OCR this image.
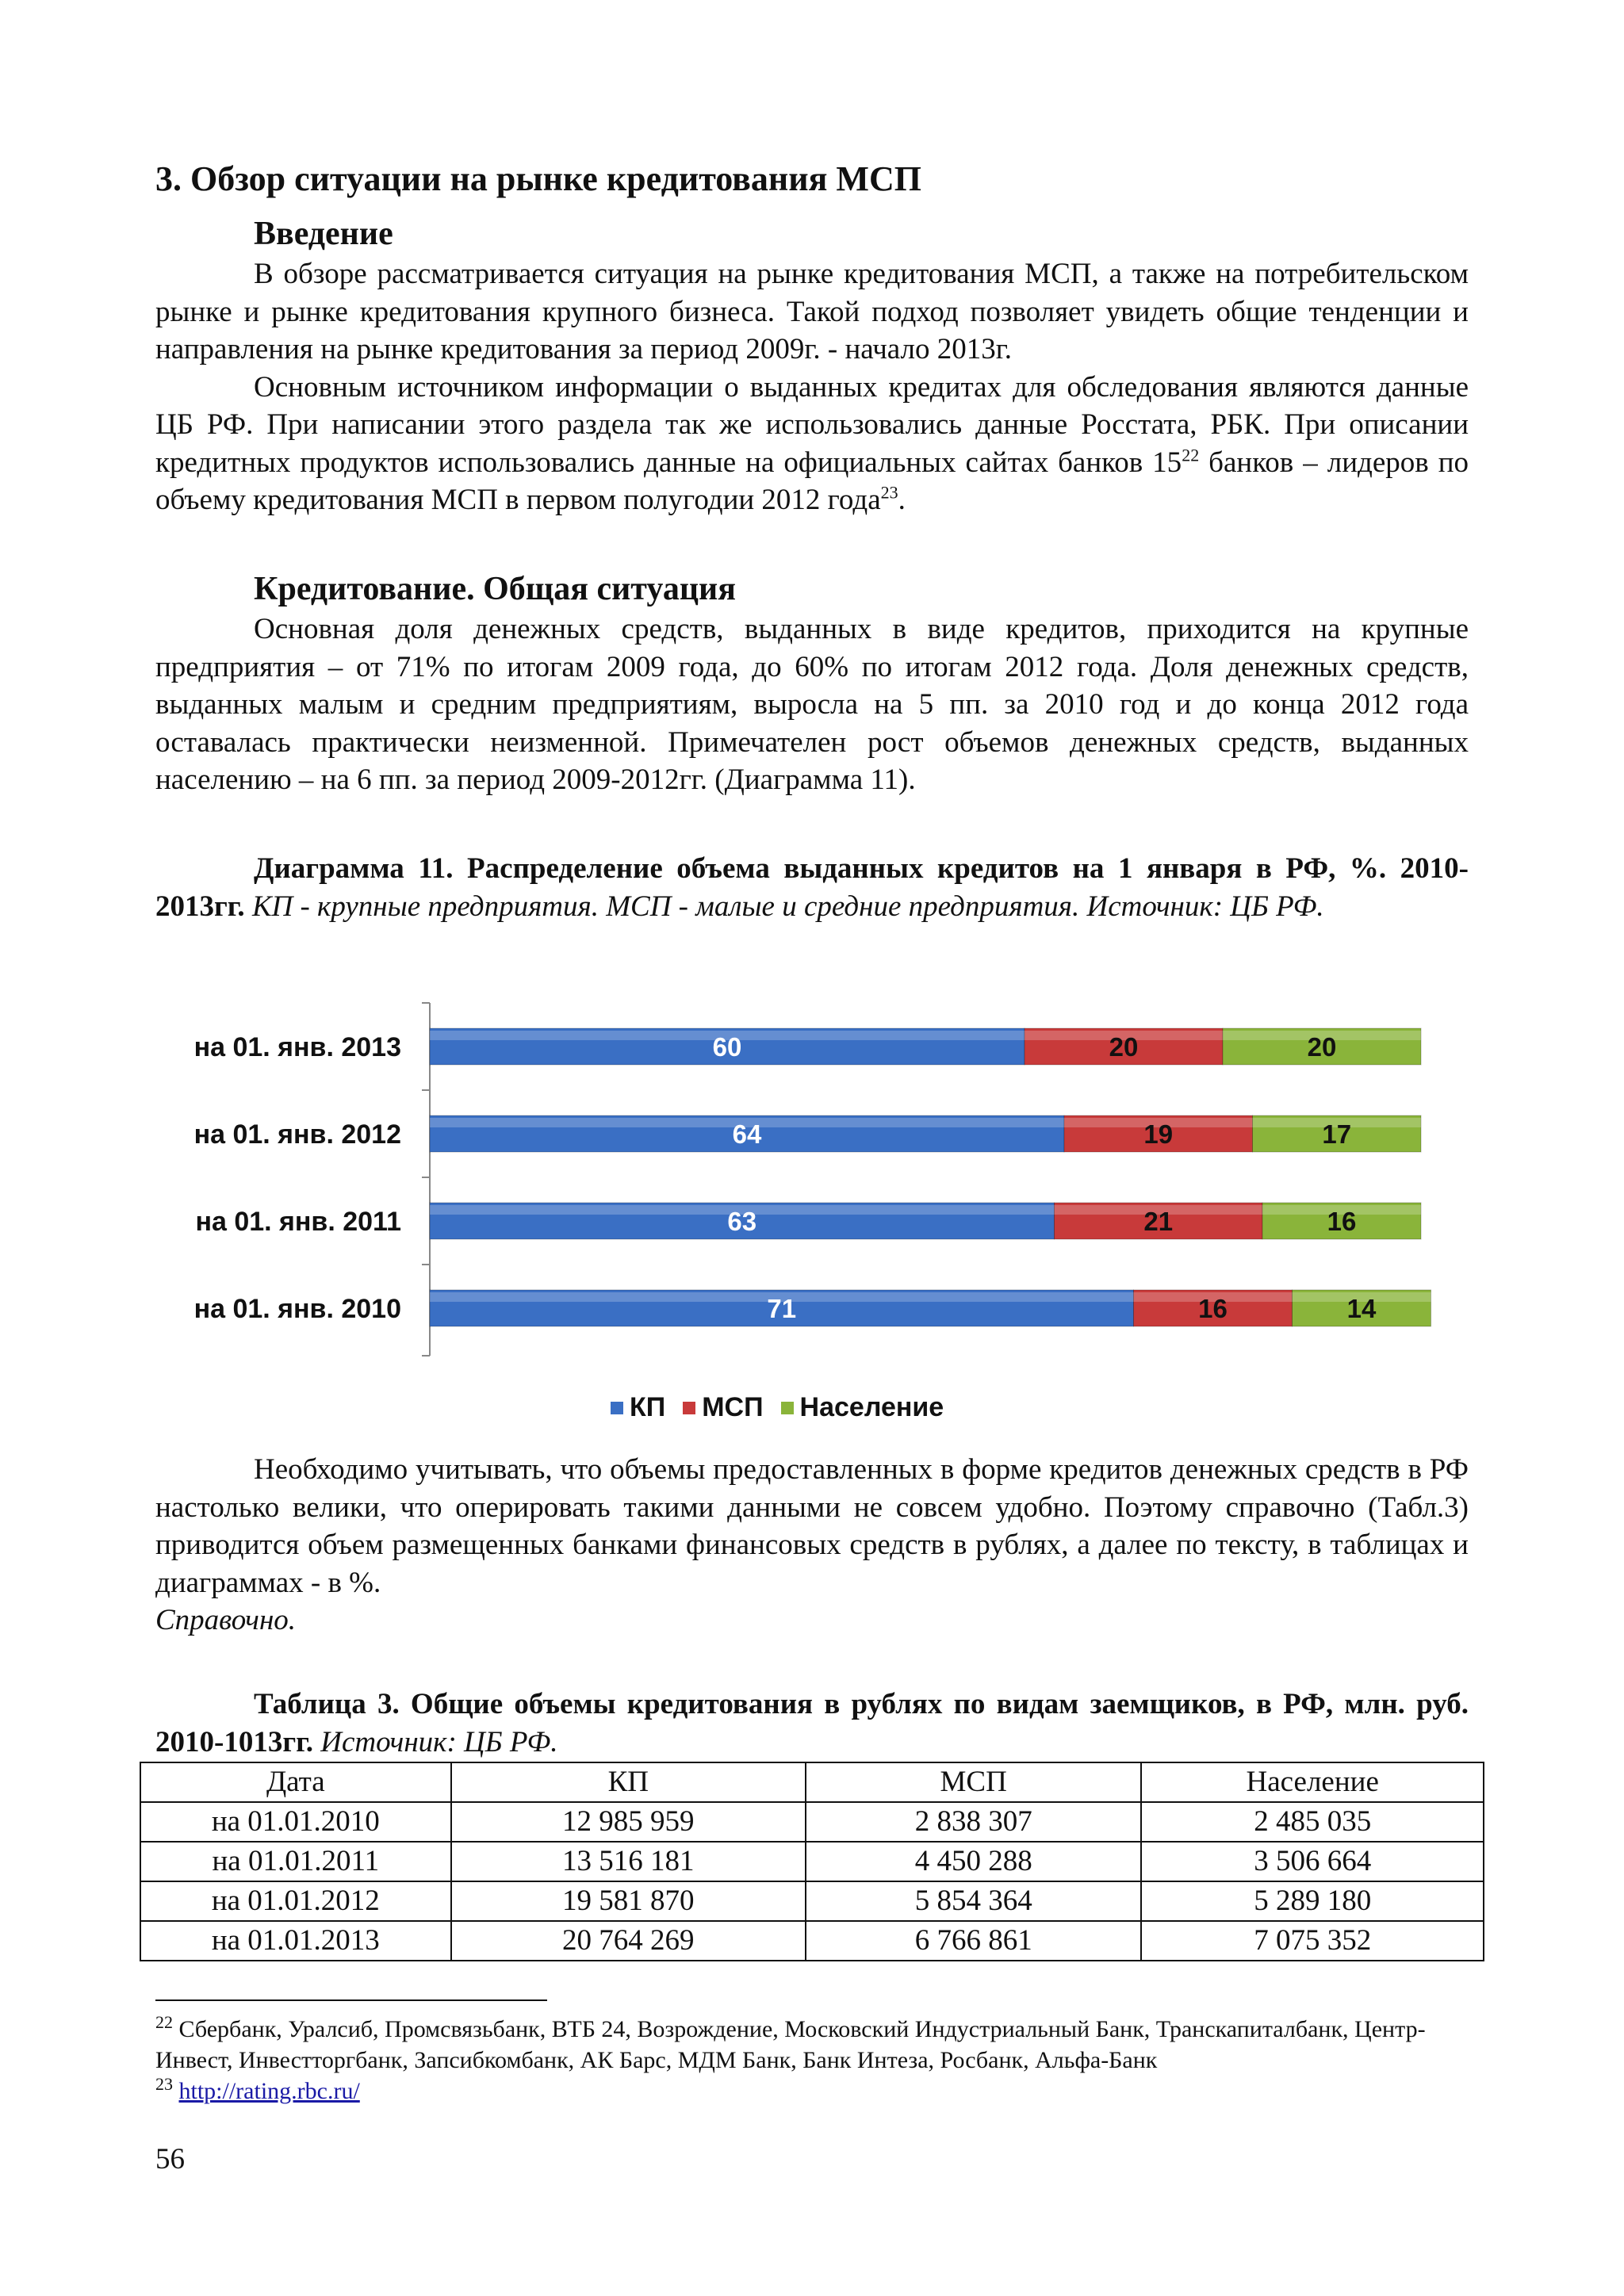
3. Обзор ситуации на рынке кредитования МСП
Введение

В обзоре рассматривается ситуация на рынке кредитования МСП, а также на потребительском рынке и рынке кредитования крупного бизнеса. Такой подход позволяет увидеть общие тенденции и направления на рынке кредитования за период 2009г. - начало 2013г.

Основным источником информации о выданных кредитах для обследования являются данные ЦБ РФ. При написании этого раздела так же использовались данные Росстата, РБК. При описании кредитных продуктов использовались данные на официальных сайтах банков $15^{22}$ банков – лидеров по объему кредитования МСП в первом полугодии 2012 года$^{23}$.

Кредитование. Общая ситуация

Основная доля денежных средств, выданных в виде кредитов, приходится на крупные предприятия – от 71% по итогам 2009 года, до 60% по итогам 2012 года. Доля денежных средств, выданных малым и средним предприятиям, выросла на 5 пп. за 2010 год и до конца 2012 года оставалась практически неизменной. Примечателен рост объемов денежных средств, выданных населению – на 6 пп. за период 2009-2012гг. (Диаграмма 11).

Диаграмма 11. Распределение объема выданных кредитов на 1 января в РФ, %. 2010-2013гг. КП - крупные предприятия. МСП - малые и средние предприятия. Источник: ЦБ РФ.
на 01. янв. 2013	60	20	20
на 01. янв. 2012	64	19	17
на 01. янв. 2011	63	21	16
на 01. янв. 2010	71	16	14
КП МСП Население

Необходимо учитывать, что объемы предоставленных в форме кредитов денежных средств в РФ настолько велики, что оперировать такими данными не совсем удобно. Поэтому справочно (Табл.3) приводится объем размещенных банками финансовых средств в рублях, а далее по тексту, в таблицах и диаграммах - в %.

Справочно.

Таблица 3. Общие объемы кредитования в рублях по видам заемщиков, в РФ, млн. руб. 2010-1013гг. Источник: ЦБ РФ.
Дата	КП	МСП	Население
на 01.01.2010	12 985 959	2 838 307	2 485 035
на 01.01.2011	13 516 181	4 450 288	3 506 664
на 01.01.2012	19 581 870	5 854 364	5 289 180
на 01.01.2013	20 764 269	6 766 861	7 075 352

$^{22}$ Сбербанк, Уралсиб, Промсвязьбанк, ВТБ 24, Возрождение, Московский Индустриальный Банк, Транскапиталбанк, Центр-Инвест, Инвестторгбанк, Запсибкомбанк, АК Барс, МДМ Банк, Банк Интеза, Росбанк, Альфа-Банк

$^{23}$ http://rating.rbc.ru/

56
